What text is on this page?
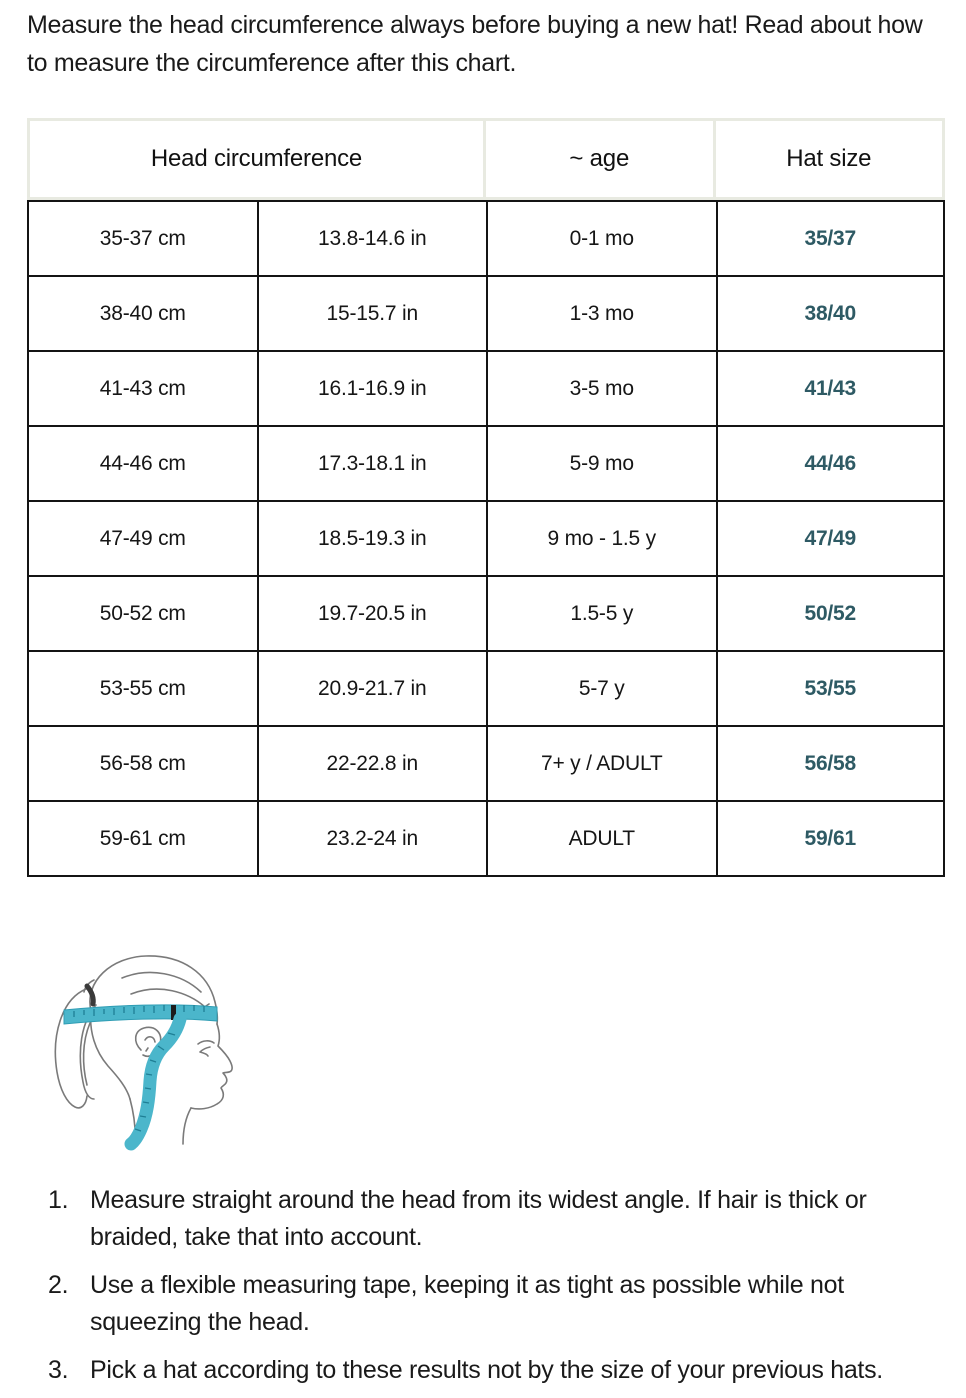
Measure the head circumference always before buying a new hat! Read about how to measure the circumference after this chart.

Head circumference		~ age	Hat size
35-37 cm	13.8-14.6 in	0-1 mo	35/37
38-40 cm	15-15.7 in	1-3 mo	38/40
41-43 cm	16.1-16.9 in	3-5 mo	41/43
44-46 cm	17.3-18.1 in	5-9 mo	44/46
47-49 cm	18.5-19.3 in	9 mo - 1.5 y	47/49
50-52 cm	19.7-20.5 in	1.5-5 y	50/52
53-55 cm	20.9-21.7 in	5-7 y	53/55
56-58 cm	22-22.8 in	7+ y / ADULT	56/58
59-61 cm	23.2-24 in	ADULT	59/61
1. Measure straight around the head from its widest angle. If hair is thick or braided, take that into account.
2. Use a flexible measuring tape, keeping it as tight as possible while not squeezing the head.
3. Pick a hat according to these results not by the size of your previous hats.
